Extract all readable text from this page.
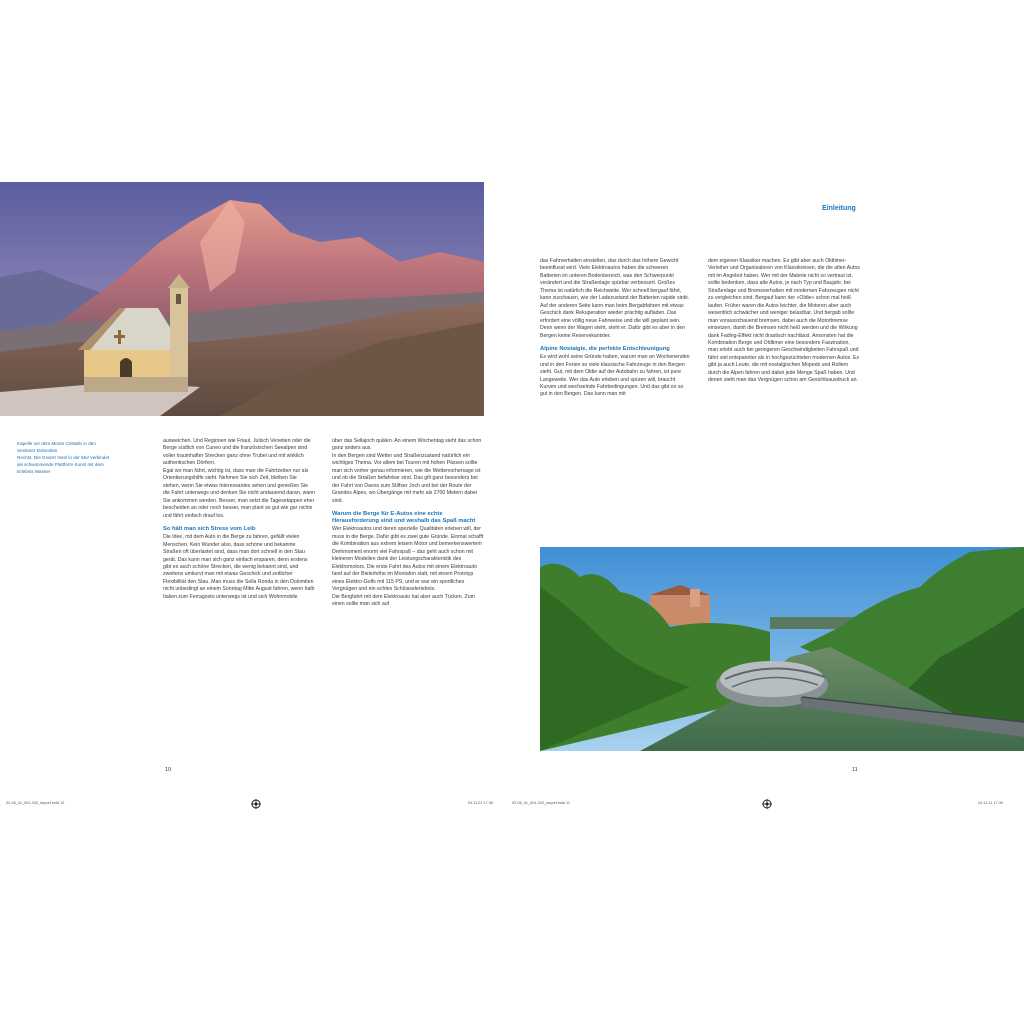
Kapelle vor dem Monte Cristallo in den
Sextener Dolomiten
Rechts: Die Grazer Insel in der Mur verbindet
als schwimmende Plattform Kunst mit dem
Erlebnis Wasser

ausweichen. Und Regionen wie Friaul, Julisch Venetien oder die Berge südlich von Cuneo und die französischen Seealpen sind voller traumhafter Strecken ganz ohne Trubel und mit wirklich authentischen Dörfern.

Egal wo man fährt, wichtig ist, dass man die Fahrtzeiten nur als Orientierungshilfe sieht. Nehmen Sie sich Zeit, bleiben Sie stehen, wenn Sie etwas Interessantes sehen und genießen Sie die Fahrt unterwegs und denken Sie nicht andauernd daran, wann Sie ankommen werden. Besser, man setzt die Tagesetappen eher bescheiden an oder noch besser, man plant so gut wie gar nichts und fährt einfach drauf los.

So hält man sich Stress vom Leib

Die Idee, mit dem Auto in die Berge zu fahren, gefällt vielen Menschen. Kein Wunder also, dass schöne und bekannte Straßen oft überlastet sind, dass man dort schnell in den Stau gerät. Das kann man sich ganz einfach ersparen, denn erstens gibt es auch schöne Strecken, die wenig bekannt sind, und zweitens umkurvt man mit etwas Geschick und zeitlicher Flexibilität den Stau. Man muss die Sella Ronda in den Dolomiten nicht unbedingt an einem Sonntag Mitte August fahren, wenn halb Italien zum Ferragosto unterwegs ist und sich Wohnmobile

über das Sellajoch quälen. An einem Wochentag sieht das schon ganz anders aus.

In den Bergen sind Wetter und Straßenzustand natürlich ein wichtiges Thema. Vor allem bei Touren mit hohen Pässen sollte man sich vorher genau informieren, wie die Wettervorhersage ist und ob die Straßen befahrbar sind. Das gilt ganz besonders bei der Fahrt von Davos zum Stilfser Joch und bei der Route der Grandes Alpes, wo Übergänge mit mehr als 2700 Metern dabei sind.

Warum die Berge für E-Autos eine echte Herausforderung sind und weshalb das Spaß macht

Wer Elektroautos und deren spezielle Qualitäten erleben will, der muss in die Berge. Dafür gibt es zwei gute Gründe. Einmal schafft die Kombination aus extrem leisem Motor und bemerkenswertem Drehmoment enorm viel Fahrspaß – das geht auch schon mit kleineren Modellen dank der Leistungscharakteristik des Elektromotors. Die erste Fahrt des Autos mit einem Elektroauto fand auf der Bielerhöhe im Montafon statt, mit einem Prototyp eines Elektro-Golfs mit 115 PS, und er war ein sportliches Vergnügen und ein echtes Schlüsselerlebnis.

Die Bergfahrt mit dem Elektroauto hat aber auch Tücken. Zum einen sollte man sich auf

10
Einleitung

das Fahrverhalten einstellen, das durch das höhere Gewicht beeinflusst wird. Viele Elektroautos haben die schweren Batterien im unteren Bodenbereich, was den Schwerpunkt verändert und die Straßenlage spürbar verbessert. Großes Thema ist natürlich die Reichweite. Wer schnell bergauf fährt, kann zuschauen, wie der Ladezustand der Batterien rapide sinkt. Auf der anderen Seite kann man beim Bergabfahren mit etwas Geschick dank Rekuperation wieder prächtig aufladen. Das erfordert eine völlig neue Fahrweise und die will geplant sein. Denn wenn der Wagen steht, steht er. Dafür gibt es aber in den Bergen keine Reservekanister.

Alpine Nostalgie, die perfekte Entschleunigung

Es wird wohl seine Gründe haben, warum man an Wochenenden und in den Ferien so viele klassische Fahrzeuge in den Bergen sieht. Gut, mit dem Oldie auf der Autobahn zu fahren, ist pure Langeweile. Wer das Auto erleben und spüren will, braucht Kurven und wechselnde Fahrbedingungen. Und das gibt es so gut in den Bergen. Das kann man mit

dem eigenen Klassiker machen. Es gibt aber auch Oldtimer-Verleiher und Organisatoren von Klassikreisen, die die alten Autos mit im Angebot haben. Wer mit der Materie nicht so vertraut ist, sollte bedenken, dass alte Autos, je nach Typ und Baujahr, bei Straßenlage und Bremsverhalten mit modernen Fahrzeugen nicht zu vergleichen sind. Bergauf kann der »Oldie« schon mal heiß laufen. Früher waren die Autos leichter, die Motoren aber auch wesentlich schwächer und weniger belastbar. Und bergab sollte man vorausschauend bremsen, dabei auch die Motorbremse einsetzen, damit die Bremsen nicht heiß werden und die Wirkung dank Fading-Effekt nicht drastisch nachlässt. Ansonsten hat die Kombination Berge und Oldtimer eine besondere Faszination, man erlebt auch bei geringeren Geschwindigkeiten Fahrspaß und fährt viel entspannter als in hochgezüchteten modernen Autos. Es gibt ja auch Leute, die mit nostalgischen Mopeds und Rollern durch die Alpen fahren und dabei jede Menge Spaß haben. Und denen sieht man das Vergnügen schon am Gesichtsausdruck an.

11
02-06_01_001-032_import.indd 10	04.11.21 17:30	02-06_01_001-032_import.indd 11	04.11.21 17:30
